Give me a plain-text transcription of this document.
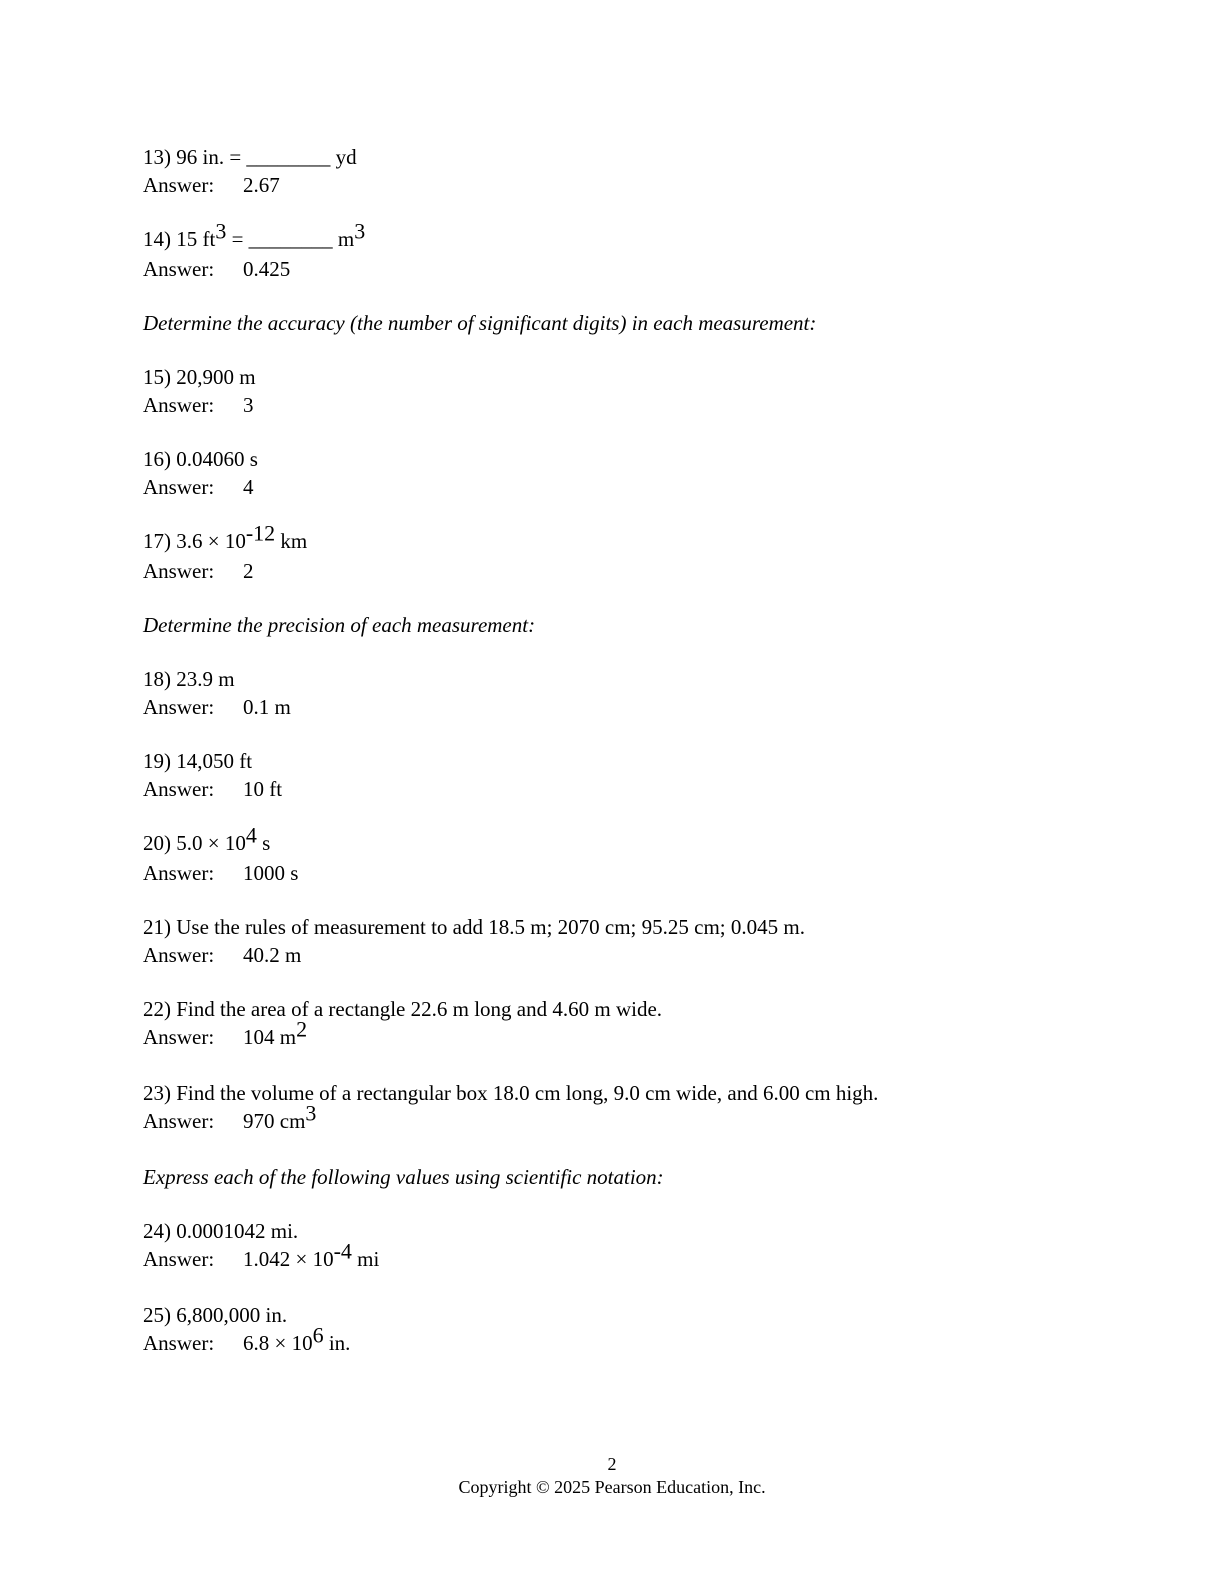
13) 96 in. = ________ yd
Answer: 2.67
14) 15 $ft^3$ = ________ $m^3$
Answer: 0.425
Determine the accuracy (the number of significant digits) in each measurement:
15) 20,900 m
Answer: 3
16) 0.04060 s
Answer: 4
17) $3.6 \times 10^{-12}$ km
Answer: 2
Determine the precision of each measurement:
18) 23.9 m
Answer: 0.1 m
19) 14,050 ft
Answer: 10 ft
20) $5.0 \times 10^4$ s
Answer: 1000 s
21) Use the rules of measurement to add 18.5 m; 2070 cm; 95.25 cm; 0.045 m.
Answer: 40.2 m
22) Find the area of a rectangle 22.6 m long and 4.60 m wide.
Answer: 104 $m^2$
23) Find the volume of a rectangular box 18.0 cm long, 9.0 cm wide, and 6.00 cm high.
Answer: 970 $cm^3$
Express each of the following values using scientific notation:
24) 0.0001042 mi.
Answer: $1.042 \times 10^{-4}$ mi
25) 6,800,000 in.
Answer: $6.8 \times 10^6$ in.
2
Copyright © 2025 Pearson Education, Inc.
